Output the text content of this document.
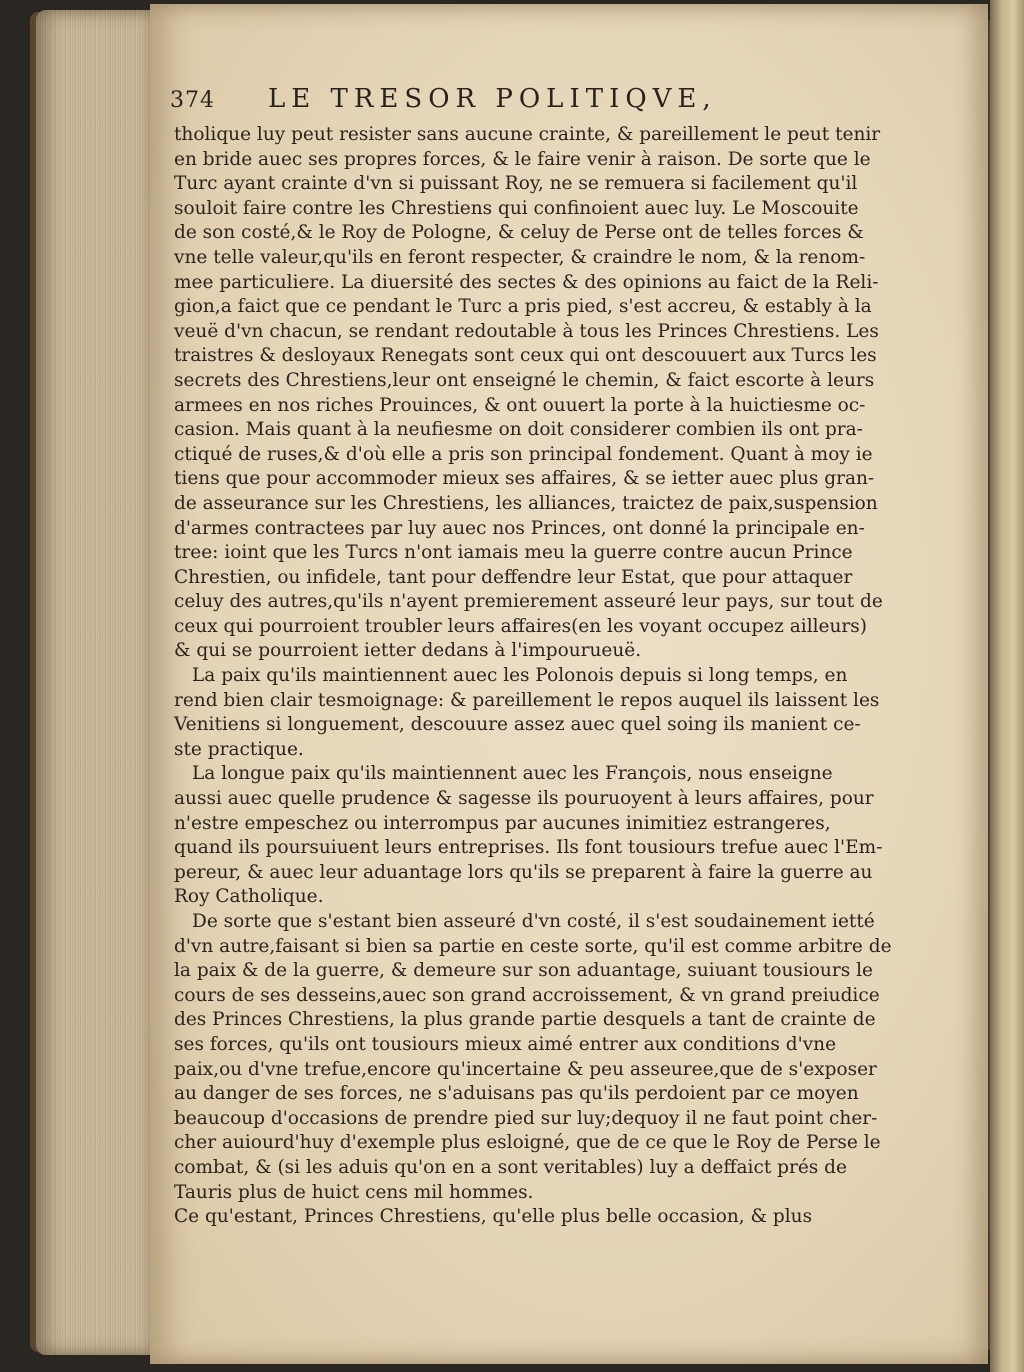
374 LE TRESOR POLITIQVE,
tholique luy peut resister sans aucune crainte, & pareillement le peut tenir
en bride auec ses propres forces, & le faire venir à raison. De sorte que le
Turc ayant crainte d'vn si puissant Roy, ne se remuera si facilement qu'il
souloit faire contre les Chrestiens qui confinoient auec luy. Le Moscouite
de son costé,& le Roy de Pologne, & celuy de Perse ont de telles forces &
vne telle valeur,qu'ils en feront respecter, & craindre le nom, & la renom-
mee particuliere. La diuersité des sectes & des opinions au faict de la Reli-
gion,a faict que ce pendant le Turc a pris pied, s'est accreu, & estably à la
veuë d'vn chacun, se rendant redoutable à tous les Princes Chrestiens. Les
traistres & desloyaux Renegats sont ceux qui ont descouuert aux Turcs les
secrets des Chrestiens,leur ont enseigné le chemin, & faict escorte à leurs
armees en nos riches Prouinces, & ont ouuert la porte à la huictiesme oc-
casion. Mais quant à la neufiesme on doit considerer combien ils ont pra-
ctiqué de ruses,& d'où elle a pris son principal fondement. Quant à moy ie
tiens que pour accommoder mieux ses affaires, & se ietter auec plus gran-
de asseurance sur les Chrestiens, les alliances, traictez de paix,suspension
d'armes contractees par luy auec nos Princes, ont donné la principale en-
tree: ioint que les Turcs n'ont iamais meu la guerre contre aucun Prince
Chrestien, ou infidele, tant pour deffendre leur Estat, que pour attaquer
celuy des autres,qu'ils n'ayent premierement asseuré leur pays, sur tout de
ceux qui pourroient troubler leurs affaires(en les voyant occupez ailleurs)
& qui se pourroient ietter dedans à l'impourueuë.
La paix qu'ils maintiennent auec les Polonois depuis si long temps, en
rend bien clair tesmoignage: & pareillement le repos auquel ils laissent les
Venitiens si longuement, descouure assez auec quel soing ils manient ce-
ste practique.
La longue paix qu'ils maintiennent auec les François, nous enseigne
aussi auec quelle prudence & sagesse ils pouruoyent à leurs affaires, pour
n'estre empeschez ou interrompus par aucunes inimitiez estrangeres,
quand ils poursuiuent leurs entreprises. Ils font tousiours trefue auec l'Em-
pereur, & auec leur aduantage lors qu'ils se preparent à faire la guerre au
Roy Catholique.
De sorte que s'estant bien asseuré d'vn costé, il s'est soudainement ietté
d'vn autre,faisant si bien sa partie en ceste sorte, qu'il est comme arbitre de
la paix & de la guerre, & demeure sur son aduantage, suiuant tousiours le
cours de ses desseins,auec son grand accroissement, & vn grand preiudice
des Princes Chrestiens, la plus grande partie desquels a tant de crainte de
ses forces, qu'ils ont tousiours mieux aimé entrer aux conditions d'vne
paix,ou d'vne trefue,encore qu'incertaine & peu asseuree,que de s'exposer
au danger de ses forces, ne s'aduisans pas qu'ils perdoient par ce moyen
beaucoup d'occasions de prendre pied sur luy;dequoy il ne faut point cher-
cher auiourd'huy d'exemple plus esloigné, que de ce que le Roy de Perse le
combat, & (si les aduis qu'on en a sont veritables) luy a deffaict prés de
Tauris plus de huict cens mil hommes.
Ce qu'estant, Princes Chrestiens, qu'elle plus belle occasion, & plus
